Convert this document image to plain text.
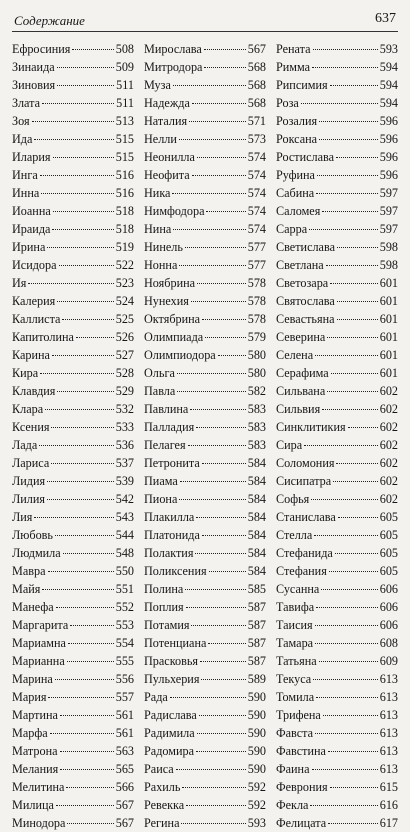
Содержание	637
Ефросиния	508
Зинаида	509
Зиновия	511
Злата	511
Зоя	513
Ида	515
Илария	515
Инга	516
Инна	516
Иоанна	518
Ираида	518
Ирина	519
Исидора	522
Ия	523
Калерия	524
Каллиста	525
Капитолина	526
Карина	527
Кира	528
Клавдия	529
Клара	532
Ксения	533
Лада	536
Лариса	537
Лидия	539
Лилия	542
Лия	543
Любовь	544
Людмила	548
Мавра	550
Майя	551
Манефа	552
Маргарита	553
Мариамна	554
Марианна	555
Марина	556
Мария	557
Мартина	561
Марфа	561
Матрона	563
Мелания	565
Мелитина	566
Милица	567
Минодора	567
Мирослава	567
Митродора	568
Муза	568
Надежда	568
Наталия	571
Нелли	573
Неонилла	574
Неофита	574
Ника	574
Нимфодора	574
Нина	574
Нинель	577
Нонна	577
Ноябрина	578
Нунехия	578
Октябрина	578
Олимпиада	579
Олимпиодора	580
Ольга	580
Павла	582
Павлина	583
Палладия	583
Пелагея	583
Петронита	584
Пиама	584
Пиона	584
Плакилла	584
Платонида	584
Полактия	584
Поликсения	584
Полина	585
Поплия	587
Потамия	587
Потенциана	587
Прасковья	587
Пульхерия	589
Рада	590
Радислава	590
Радимила	590
Радомира	590
Раиса	590
Рахиль	592
Ревекка	592
Регина	593
Рената	593
Римма	594
Рипсимия	594
Роза	594
Розалия	596
Роксана	596
Ростислава	596
Руфина	596
Сабина	597
Саломея	597
Сарра	597
Светислава	598
Светлана	598
Светозара	601
Святослава	601
Севастьяна	601
Северина	601
Селена	601
Серафима	601
Сильвана	602
Сильвия	602
Синклитикия	602
Сира	602
Соломония	602
Сисипатра	602
Софья	602
Станислава	605
Стелла	605
Стефанида	605
Стефания	605
Сусанна	606
Тавифа	606
Таисия	606
Тамара	608
Татьяна	609
Текуса	613
Томила	613
Трифена	613
Фавста	613
Фавстина	613
Фаина	613
Феврония	615
Фекла	616
Фелицата	617
